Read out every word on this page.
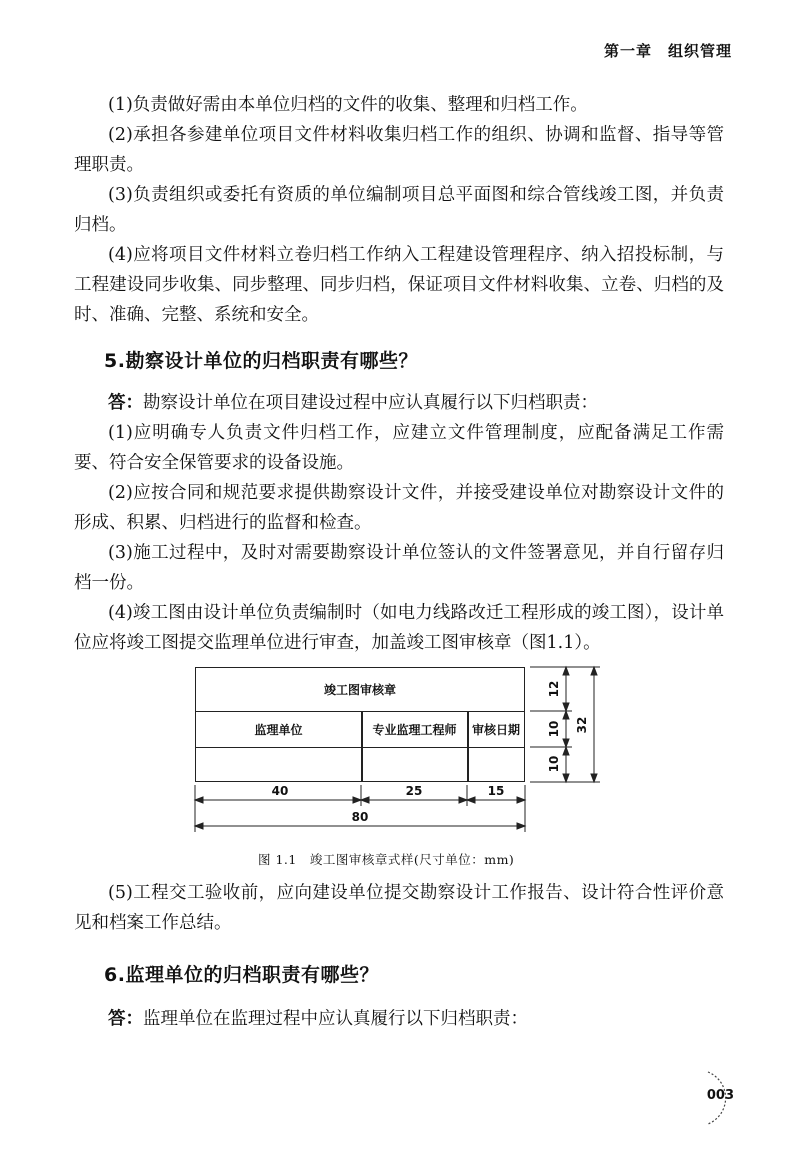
第一章　组织管理

(1)负责做好需由本单位归档的文件的收集、整理和归档工作。

(2)承担各参建单位项目文件材料收集归档工作的组织、协调和监督、指导等管理职责。

(3)负责组织或委托有资质的单位编制项目总平面图和综合管线竣工图，并负责归档。

(4)应将项目文件材料立卷归档工作纳入工程建设管理程序、纳入招投标制，与工程建设同步收集、同步整理、同步归档，保证项目文件材料收集、立卷、归档的及时、准确、完整、系统和安全。

5.勘察设计单位的归档职责有哪些？

答：勘察设计单位在项目建设过程中应认真履行以下归档职责：

(1)应明确专人负责文件归档工作，应建立文件管理制度，应配备满足工作需要、符合安全保管要求的设备设施。

(2)应按合同和规范要求提供勘察设计文件，并接受建设单位对勘察设计文件的形成、积累、归档进行的监督和检查。

(3)施工过程中，及时对需要勘察设计单位签认的文件签署意见，并自行留存归档一份。

(4)竣工图由设计单位负责编制时（如电力线路改迁工程形成的竣工图），设计单位应将竣工图提交监理单位进行审查，加盖竣工图审核章（图1.1）。

竣工图审核章
监理单位	专业监理工程师	审核日期
40	25	15
80
12
10
10
32
图 1.1　竣工图审核章式样(尺寸单位：mm)

(5)工程交工验收前，应向建设单位提交勘察设计工作报告、设计符合性评价意见和档案工作总结。

6.监理单位的归档职责有哪些？

答：监理单位在监理过程中应认真履行以下归档职责：

003
